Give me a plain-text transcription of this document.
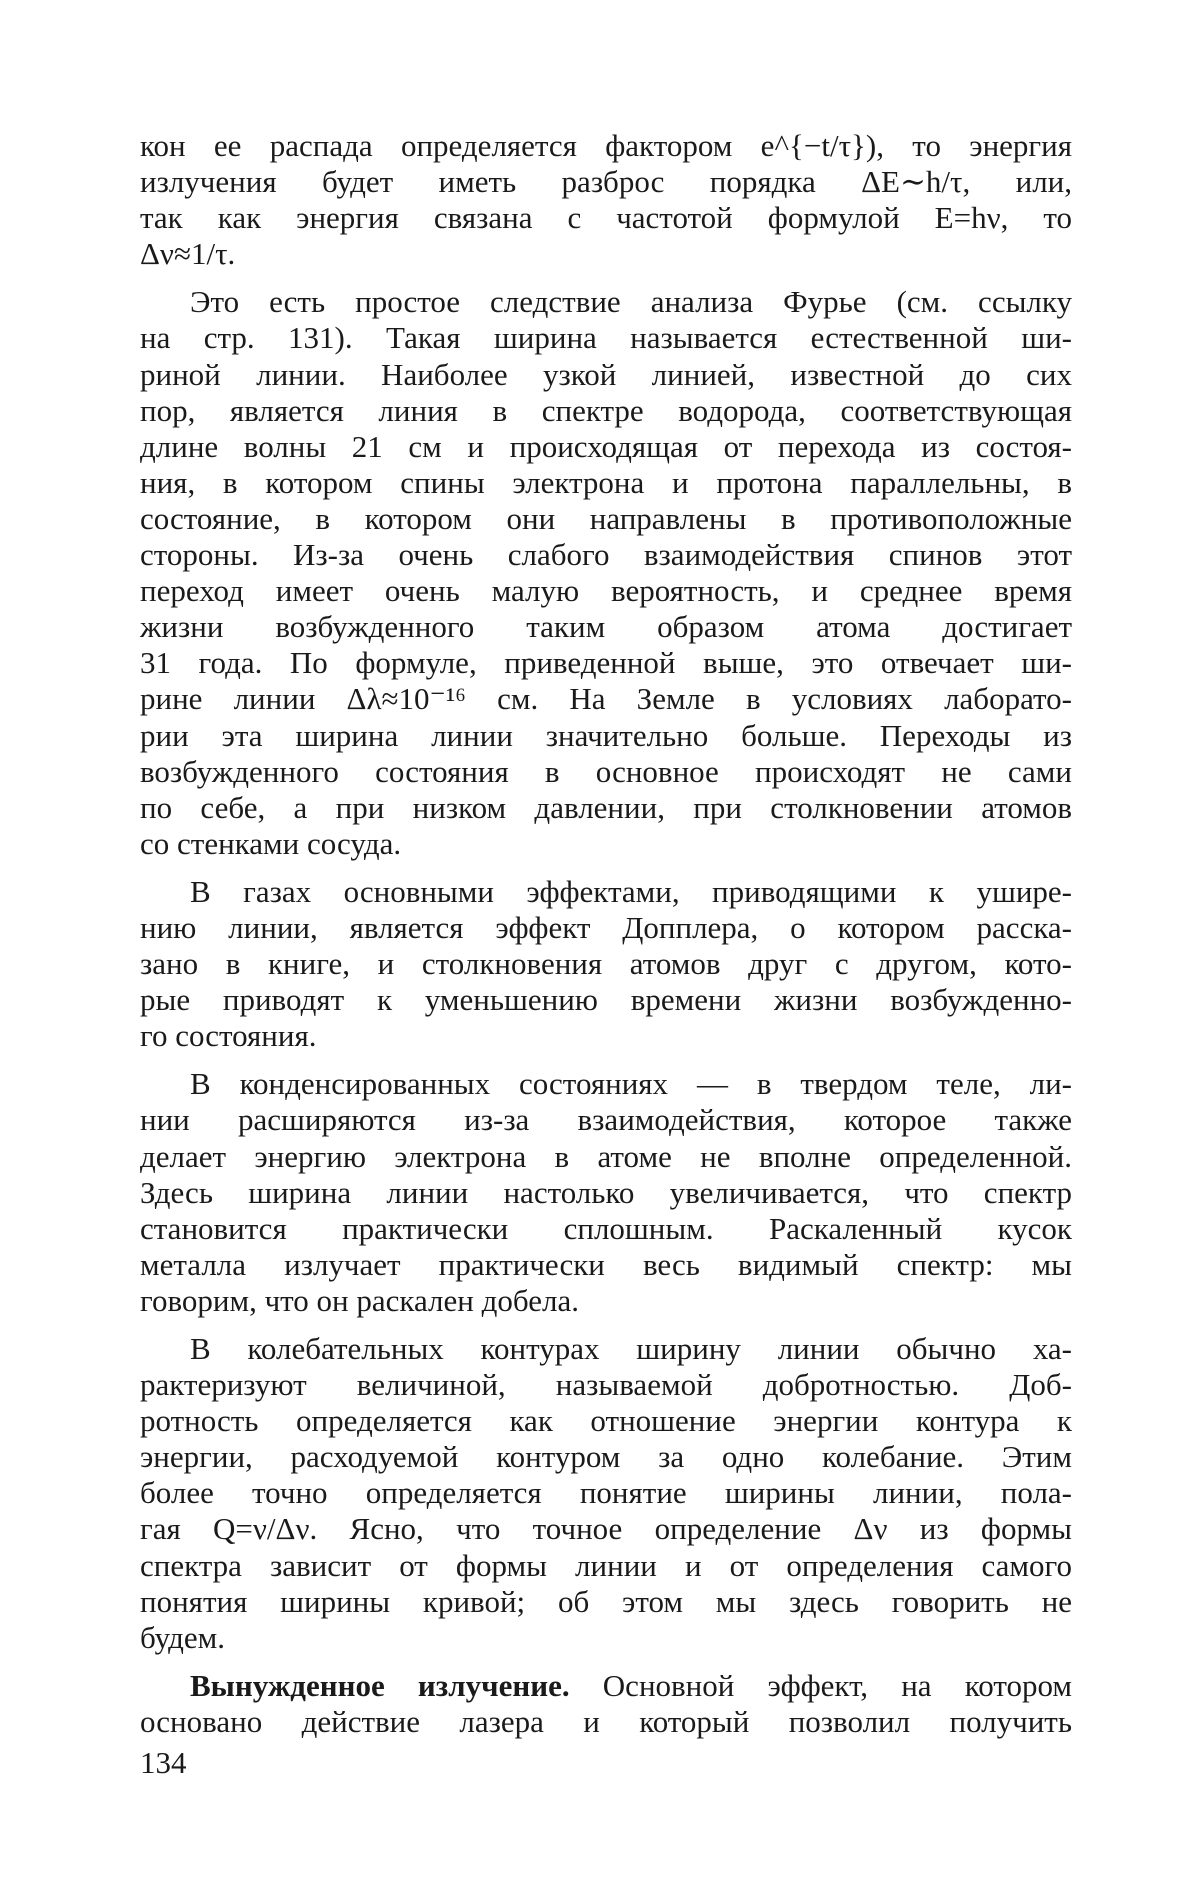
кон ее распада определяется фактором e^{−t/τ}), то энергия
излучения будет иметь разброс порядка ΔE∼h/τ, или,
так как энергия связана с частотой формулой E=hν, то
Δν≈1/τ.
Это есть простое следствие анализа Фурье (см. ссылку
на стр. 131). Такая ширина называется естественной ши-
риной линии. Наиболее узкой линией, известной до сих
пор, является линия в спектре водорода, соответствующая
длине волны 21 см и происходящая от перехода из состоя-
ния, в котором спины электрона и протона параллельны, в
состояние, в котором они направлены в противоположные
стороны. Из-за очень слабого взаимодействия спинов этот
переход имеет очень малую вероятность, и среднее время
жизни возбужденного таким образом атома достигает
31 года. По формуле, приведенной выше, это отвечает ши-
рине линии Δλ≈10⁻¹⁶ см. На Земле в условиях лаборато-
рии эта ширина линии значительно больше. Переходы из
возбужденного состояния в основное происходят не сами
по себе, а при низком давлении, при столкновении атомов
со стенками сосуда.
В газах основными эффектами, приводящими к ушире-
нию линии, является эффект Допплера, о котором расска-
зано в книге, и столкновения атомов друг с другом, кото-
рые приводят к уменьшению времени жизни возбужденно-
го состояния.
В конденсированных состояниях — в твердом теле, ли-
нии расширяются из-за взаимодействия, которое также
делает энергию электрона в атоме не вполне определенной.
Здесь ширина линии настолько увеличивается, что спектр
становится практически сплошным. Раскаленный кусок
металла излучает практически весь видимый спектр: мы
говорим, что он раскален добела.
В колебательных контурах ширину линии обычно ха-
рактеризуют величиной, называемой добротностью. Доб-
ротность определяется как отношение энергии контура к
энергии, расходуемой контуром за одно колебание. Этим
более точно определяется понятие ширины линии, пола-
гая Q=ν/Δν. Ясно, что точное определение Δν из формы
спектра зависит от формы линии и от определения самого
понятия ширины кривой; об этом мы здесь говорить не
будем.
Вынужденное излучение. Основной эффект, на котором
основано действие лазера и который позволил получить
134
